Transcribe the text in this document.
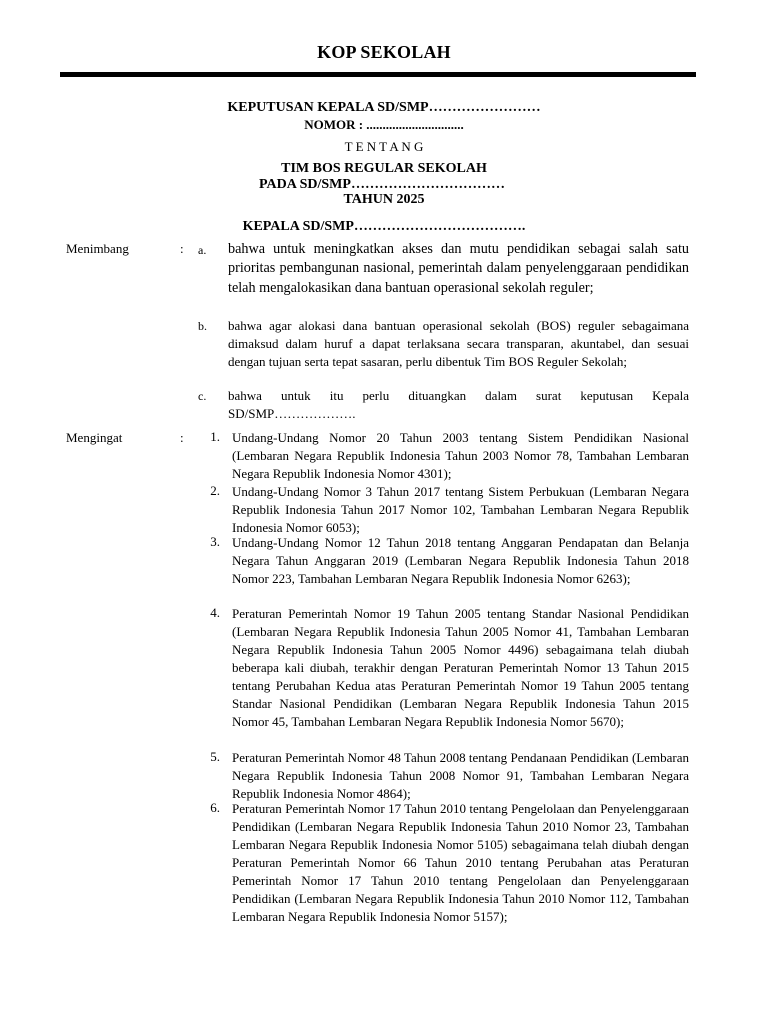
KOP SEKOLAH
KEPUTUSAN KEPALA SD/SMP……………………
NOMOR : ..............................
T E N T A N G
TIM BOS REGULAR SEKOLAH
PADA SD/SMP……………………………
TAHUN 2025
KEPALA SD/SMP……………………………….
Menimbang	: a.	bahwa untuk meningkatkan akses dan mutu pendidikan sebagai salah satu prioritas pembangunan nasional, pemerintah dalam penyelenggaraan pendidikan telah mengalokasikan dana bantuan operasional sekolah reguler;
b.	bahwa agar alokasi dana bantuan operasional sekolah (BOS) reguler sebagaimana dimaksud dalam huruf a dapat terlaksana secara transparan, akuntabel, dan sesuai dengan tujuan serta tepat sasaran, perlu dibentuk Tim BOS Reguler Sekolah;
c.	bahwa untuk itu perlu dituangkan dalam surat keputusan Kepala SD/SMP……………….
Mengingat	:	1. Undang-Undang Nomor 20 Tahun 2003 tentang Sistem Pendidikan Nasional (Lembaran Negara Republik Indonesia Tahun 2003 Nomor 78, Tambahan Lembaran Negara Republik Indonesia Nomor 4301);
2. Undang-Undang Nomor 3 Tahun 2017 tentang Sistem Perbukuan (Lembaran Negara Republik Indonesia Tahun 2017 Nomor 102, Tambahan Lembaran Negara Republik Indonesia Nomor 6053);
3. Undang-Undang Nomor 12 Tahun 2018 tentang Anggaran Pendapatan dan Belanja Negara Tahun Anggaran 2019 (Lembaran Negara Republik Indonesia Tahun 2018 Nomor 223, Tambahan Lembaran Negara Republik Indonesia Nomor 6263);
4. Peraturan Pemerintah Nomor 19 Tahun 2005 tentang Standar Nasional Pendidikan (Lembaran Negara Republik Indonesia Tahun 2005 Nomor 41, Tambahan Lembaran Negara Republik Indonesia Tahun 2005 Nomor 4496) sebagaimana telah diubah beberapa kali diubah, terakhir dengan Peraturan Pemerintah Nomor 13 Tahun 2015 tentang Perubahan Kedua atas Peraturan Pemerintah Nomor 19 Tahun 2005 tentang Standar Nasional Pendidikan (Lembaran Negara Republik Indonesia Tahun 2015 Nomor 45, Tambahan Lembaran Negara Republik Indonesia Nomor 5670);
5. Peraturan Pemerintah Nomor 48 Tahun 2008 tentang Pendanaan Pendidikan (Lembaran Negara Republik Indonesia Tahun 2008 Nomor 91, Tambahan Lembaran Negara Republik Indonesia Nomor 4864);
6. Peraturan Pemerintah Nomor 17 Tahun 2010 tentang Pengelolaan dan Penyelenggaraan Pendidikan (Lembaran Negara Republik Indonesia Tahun 2010 Nomor 23, Tambahan Lembaran Negara Republik Indonesia Nomor 5105) sebagaimana telah diubah dengan Peraturan Pemerintah Nomor 66 Tahun 2010 tentang Perubahan atas Peraturan Pemerintah Nomor 17 Tahun 2010 tentang Pengelolaan dan Penyelenggaraan Pendidikan (Lembaran Negara Republik Indonesia Tahun 2010 Nomor 112, Tambahan Lembaran Negara Republik Indonesia Nomor 5157);
